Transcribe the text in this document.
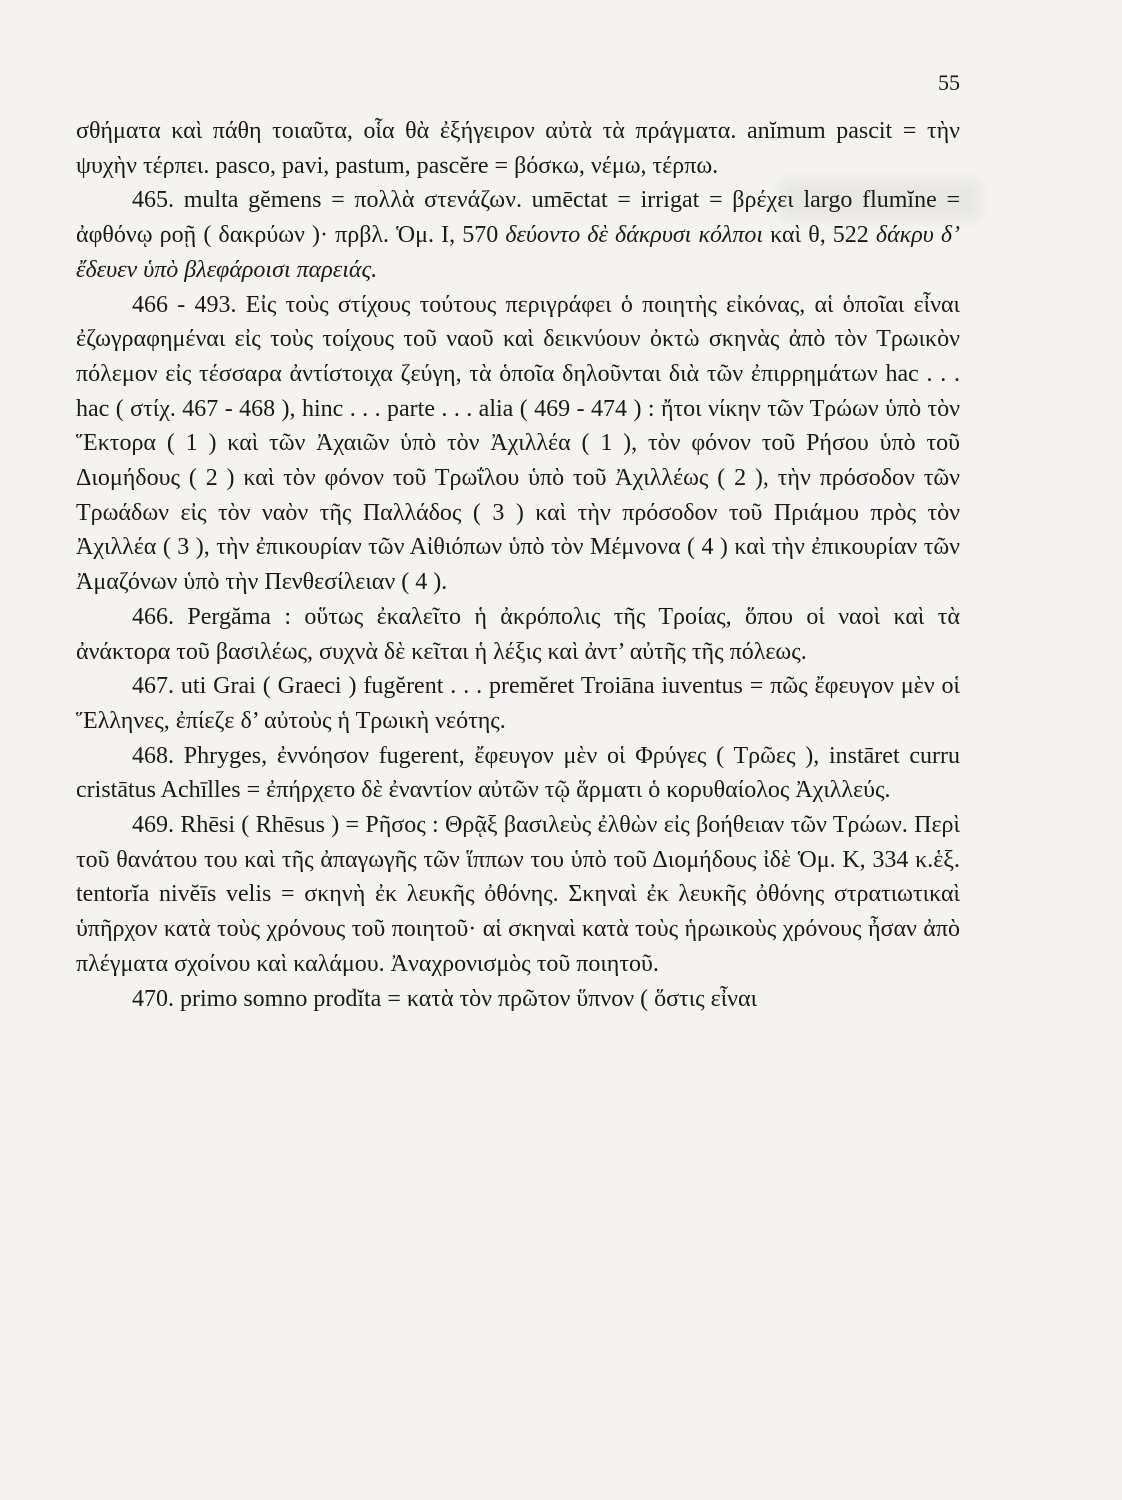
55

σθήματα καὶ πάθη τοιαῦτα, οἷα θὰ ἐξήγειρον αὐτὰ τὰ πράγματα. anĭmum pascit = τὴν ψυχὴν τέρπει. pasco, pavi, pastum, pascĕre = βόσκω, νέμω, τέρπω.

465. multa gĕmens = πολλὰ στενάζων. umēctat = irrigat = βρέχει largo flumĭne = ἀφθόνῳ ροῇ ( δακρύων )· πρβλ. Ὁμ. Ι, 570 δεύοντο δὲ δάκρυσι κόλποι καὶ θ, 522 δάκρυ δ’ ἔδευεν ὑπὸ βλεφάροισι παρειάς.

466 - 493. Εἰς τοὺς στίχους τούτους περιγράφει ὁ ποιητὴς εἰκόνας, αἱ ὁποῖαι εἶναι ἐζωγραφημέναι εἰς τοὺς τοίχους τοῦ ναοῦ καὶ δεικνύουν ὀκτὼ σκηνὰς ἀπὸ τὸν Τρωικὸν πόλεμον εἰς τέσσαρα ἀντίστοιχα ζεύγη, τὰ ὁποῖα δηλοῦνται διὰ τῶν ἐπιρρημάτων hac . . . hac ( στίχ. 467 - 468 ), hinc . . . parte . . . alia ( 469 - 474 ) : ἤτοι νίκην τῶν Τρώων ὑπὸ τὸν Ἕκτορα ( 1 ) καὶ τῶν Ἀχαιῶν ὑπὸ τὸν Ἀχιλλέα ( 1 ), τὸν φόνον τοῦ Ρήσου ὑπὸ τοῦ Διομήδους ( 2 ) καὶ τὸν φόνον τοῦ Τρωΐλου ὑπὸ τοῦ Ἀχιλλέως ( 2 ), τὴν πρόσοδον τῶν Τρωάδων εἰς τὸν ναὸν τῆς Παλλάδος ( 3 ) καὶ τὴν πρόσοδον τοῦ Πριάμου πρὸς τὸν Ἀχιλλέα ( 3 ), τὴν ἐπικουρίαν τῶν Αἰθιόπων ὑπὸ τὸν Μέμνονα ( 4 ) καὶ τὴν ἐπικουρίαν τῶν Ἀμαζόνων ὑπὸ τὴν Πενθεσίλειαν ( 4 ).

466. Pergăma : οὕτως ἐκαλεῖτο ἡ ἀκρόπολις τῆς Τροίας, ὅπου οἱ ναοὶ καὶ τὰ ἀνάκτορα τοῦ βασιλέως, συχνὰ δὲ κεῖται ἡ λέξις καὶ ἀντ’ αὐτῆς τῆς πόλεως.

467. uti Grai ( Graeci ) fugĕrent . . . premĕret Troiāna iuventus = πῶς ἔφευγον μὲν οἱ Ἕλληνες, ἐπίεζε δ’ αὐτοὺς ἡ Τρωικὴ νεότης.

468. Phryges, ἐννόησον fugerent, ἔφευγον μὲν οἱ Φρύγες ( Τρῶες ), instāret curru cristātus Achīlles = ἐπήρχετο δὲ ἐναντίον αὐτῶν τῷ ἅρματι ὁ κορυθαίολος Ἀχιλλεύς.

469. Rhēsi ( Rhēsus ) = Ρῆσος : Θρᾷξ βασιλεὺς ἐλθὼν εἰς βοήθειαν τῶν Τρώων. Περὶ τοῦ θανάτου του καὶ τῆς ἀπαγωγῆς τῶν ἵππων του ὑπὸ τοῦ Διομήδους ἰδὲ Ὁμ. Κ, 334 κ.ἑξ. tentorĭa nivĕīs velis = σκηνὴ ἐκ λευκῆς ὀθόνης. Σκηναὶ ἐκ λευκῆς ὀθόνης στρατιωτικαὶ ὑπῆρχον κατὰ τοὺς χρόνους τοῦ ποιητοῦ· αἱ σκηναὶ κατὰ τοὺς ἡρωικοὺς χρόνους ἦσαν ἀπὸ πλέγματα σχοίνου καὶ καλάμου. Ἀναχρονισμὸς τοῦ ποιητοῦ.

470. primo somno prodĭta = κατὰ τὸν πρῶτον ὕπνον ( ὅστις εἶναι
